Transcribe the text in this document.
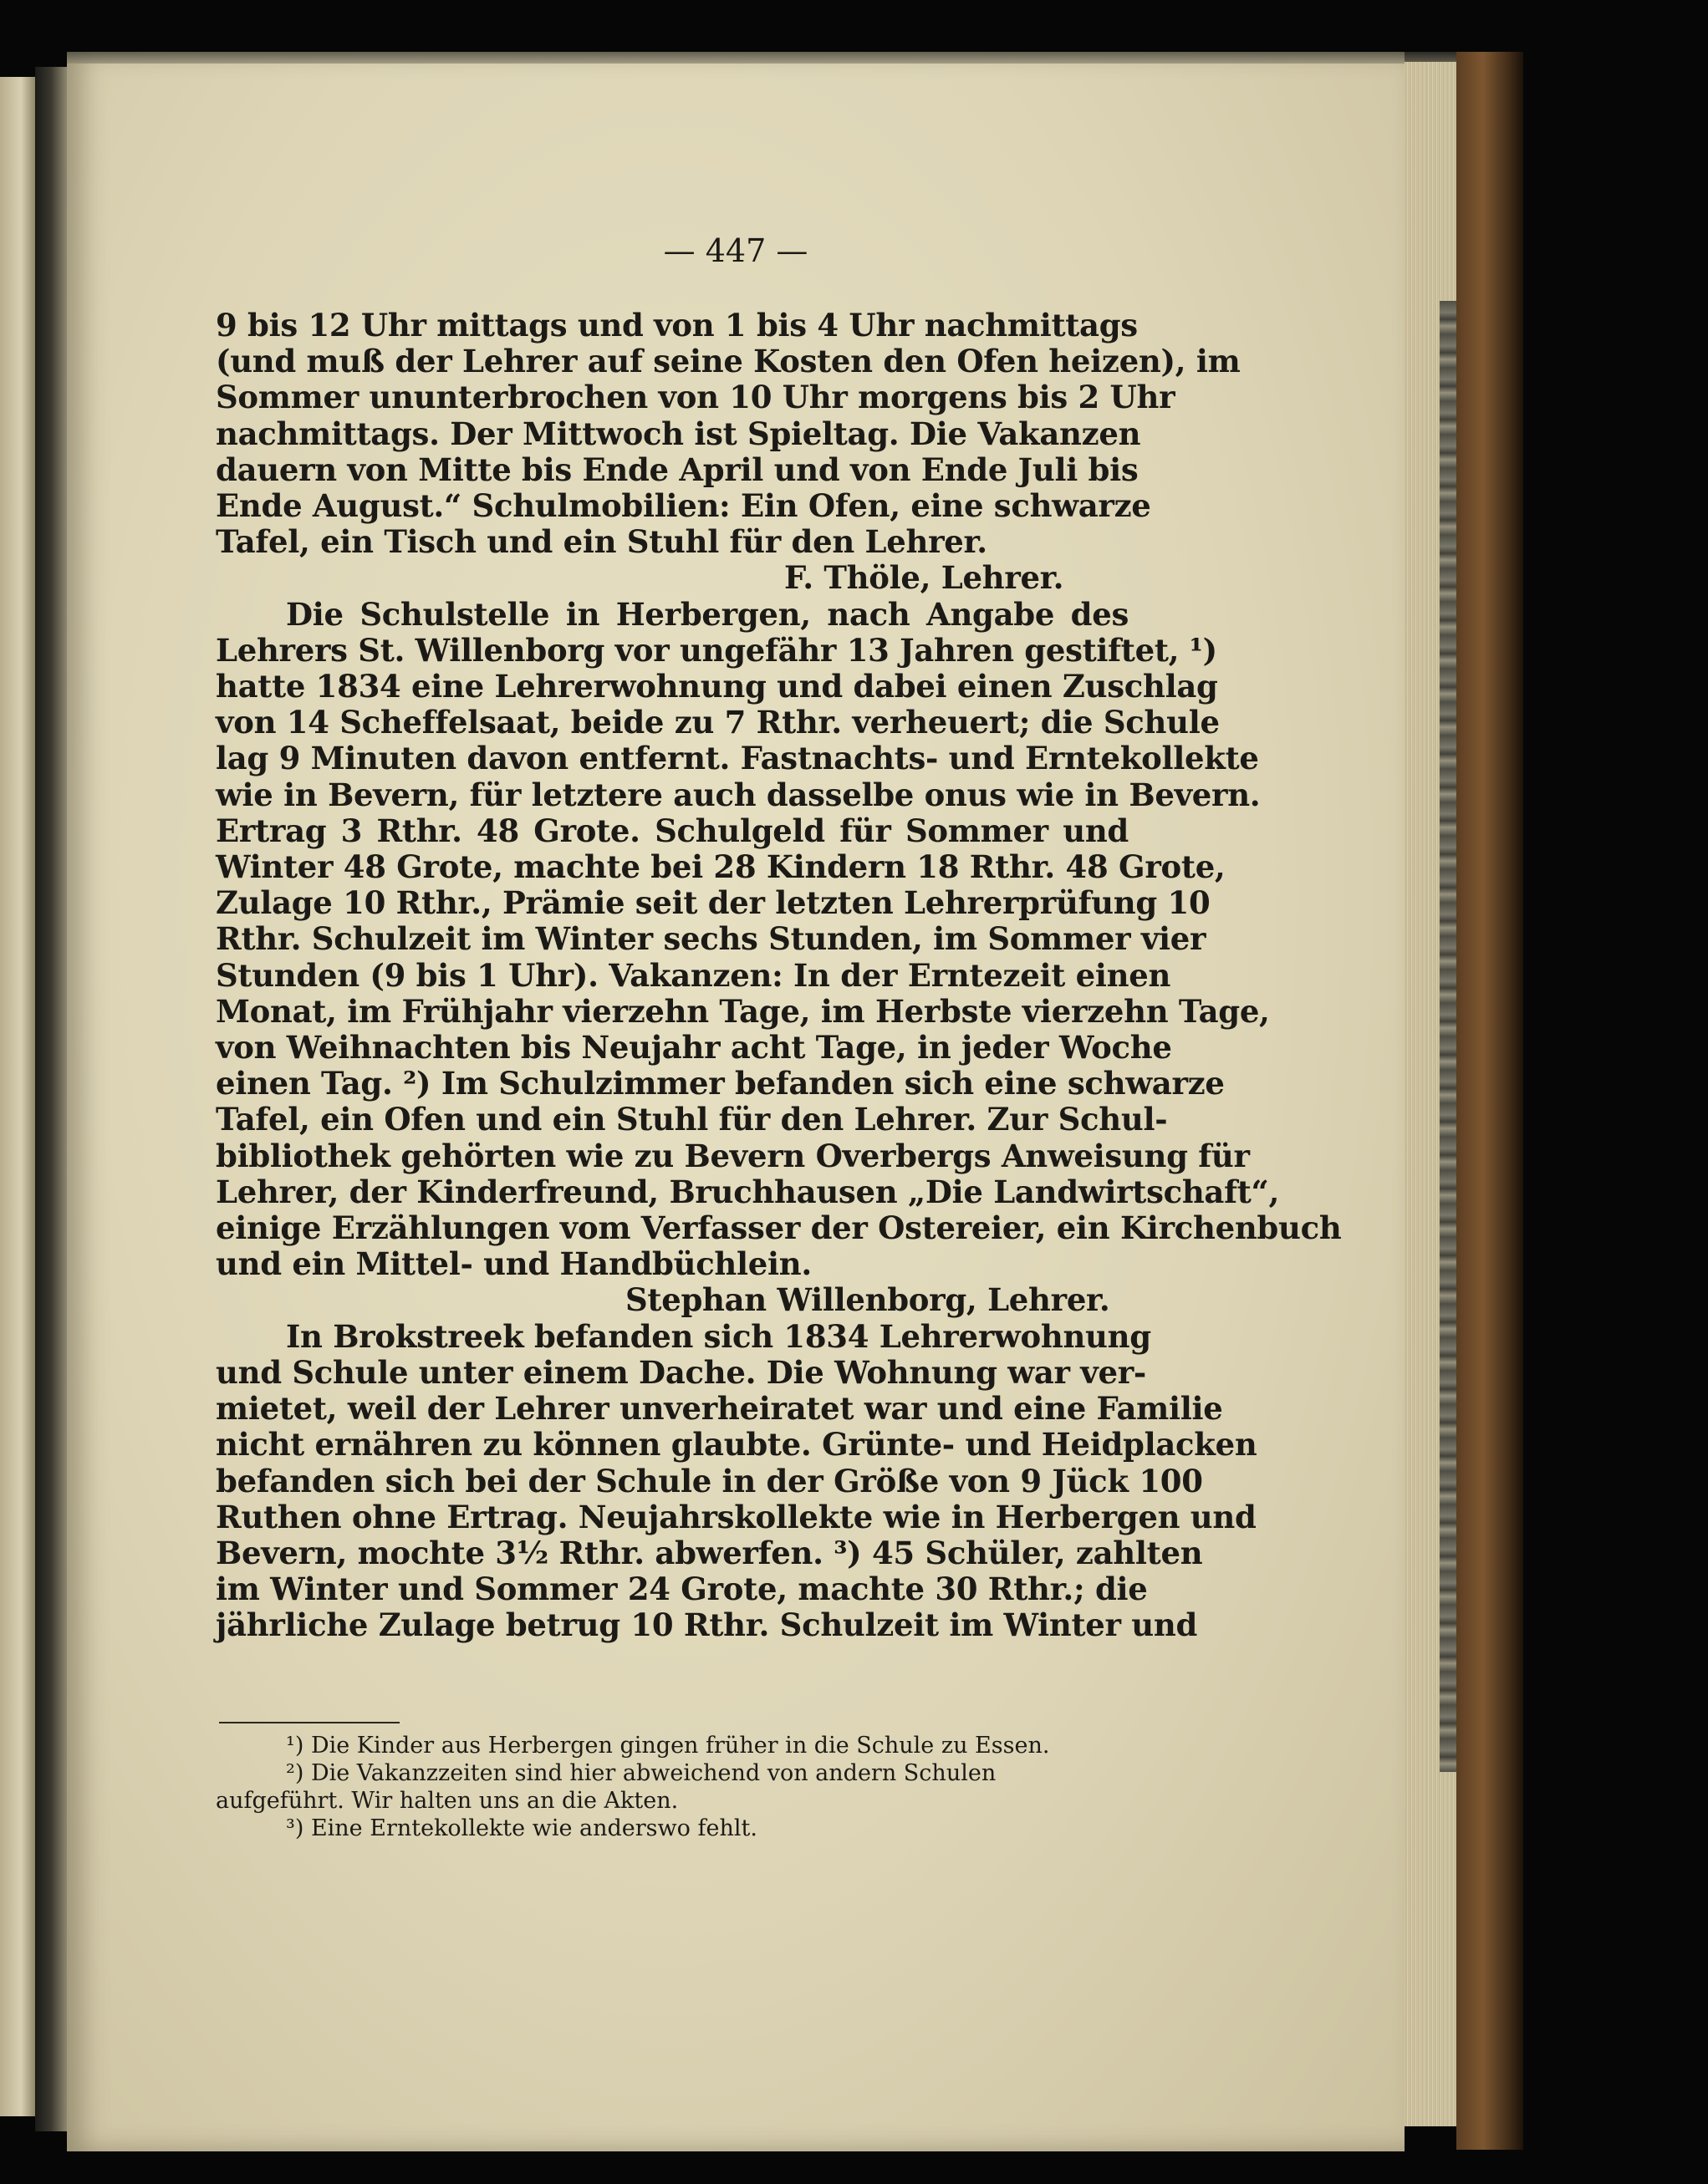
— 447 —
9 bis 12 Uhr mittags und von 1 bis 4 Uhr nachmittags
(und muß der Lehrer auf seine Kosten den Ofen heizen), im
Sommer ununterbrochen von 10 Uhr morgens bis 2 Uhr
nachmittags. Der Mittwoch ist Spieltag. Die Vakanzen
dauern von Mitte bis Ende April und von Ende Juli bis
Ende August.“ Schulmobilien: Ein Ofen, eine schwarze
Tafel, ein Tisch und ein Stuhl für den Lehrer.
F. Thöle, Lehrer.
Die Schulstelle in Herbergen, nach Angabe des
Lehrers St. Willenborg vor ungefähr 13 Jahren gestiftet, ¹)
hatte 1834 eine Lehrerwohnung und dabei einen Zuschlag
von 14 Scheffelsaat, beide zu 7 Rthr. verheuert; die Schule
lag 9 Minuten davon entfernt. Fastnachts- und Erntekollekte
wie in Bevern, für letztere auch dasselbe onus wie in Bevern.
Ertrag 3 Rthr. 48 Grote. Schulgeld für Sommer und
Winter 48 Grote, machte bei 28 Kindern 18 Rthr. 48 Grote,
Zulage 10 Rthr., Prämie seit der letzten Lehrerprüfung 10
Rthr. Schulzeit im Winter sechs Stunden, im Sommer vier
Stunden (9 bis 1 Uhr). Vakanzen: In der Erntezeit einen
Monat, im Frühjahr vierzehn Tage, im Herbste vierzehn Tage,
von Weihnachten bis Neujahr acht Tage, in jeder Woche
einen Tag. ²) Im Schulzimmer befanden sich eine schwarze
Tafel, ein Ofen und ein Stuhl für den Lehrer. Zur Schul-
bibliothek gehörten wie zu Bevern Overbergs Anweisung für
Lehrer, der Kinderfreund, Bruchhausen „Die Landwirtschaft“,
einige Erzählungen vom Verfasser der Ostereier, ein Kirchenbuch
und ein Mittel- und Handbüchlein.
Stephan Willenborg, Lehrer.
In Brokstreek befanden sich 1834 Lehrerwohnung
und Schule unter einem Dache. Die Wohnung war ver-
mietet, weil der Lehrer unverheiratet war und eine Familie
nicht ernähren zu können glaubte. Grünte- und Heidplacken
befanden sich bei der Schule in der Größe von 9 Jück 100
Ruthen ohne Ertrag. Neujahrskollekte wie in Herbergen und
Bevern, mochte 3½ Rthr. abwerfen. ³) 45 Schüler, zahlten
im Winter und Sommer 24 Grote, machte 30 Rthr.; die
jährliche Zulage betrug 10 Rthr. Schulzeit im Winter und
¹) Die Kinder aus Herbergen gingen früher in die Schule zu Essen.
²) Die Vakanzzeiten sind hier abweichend von andern Schulen
aufgeführt. Wir halten uns an die Akten.
³) Eine Erntekollekte wie anderswo fehlt.
